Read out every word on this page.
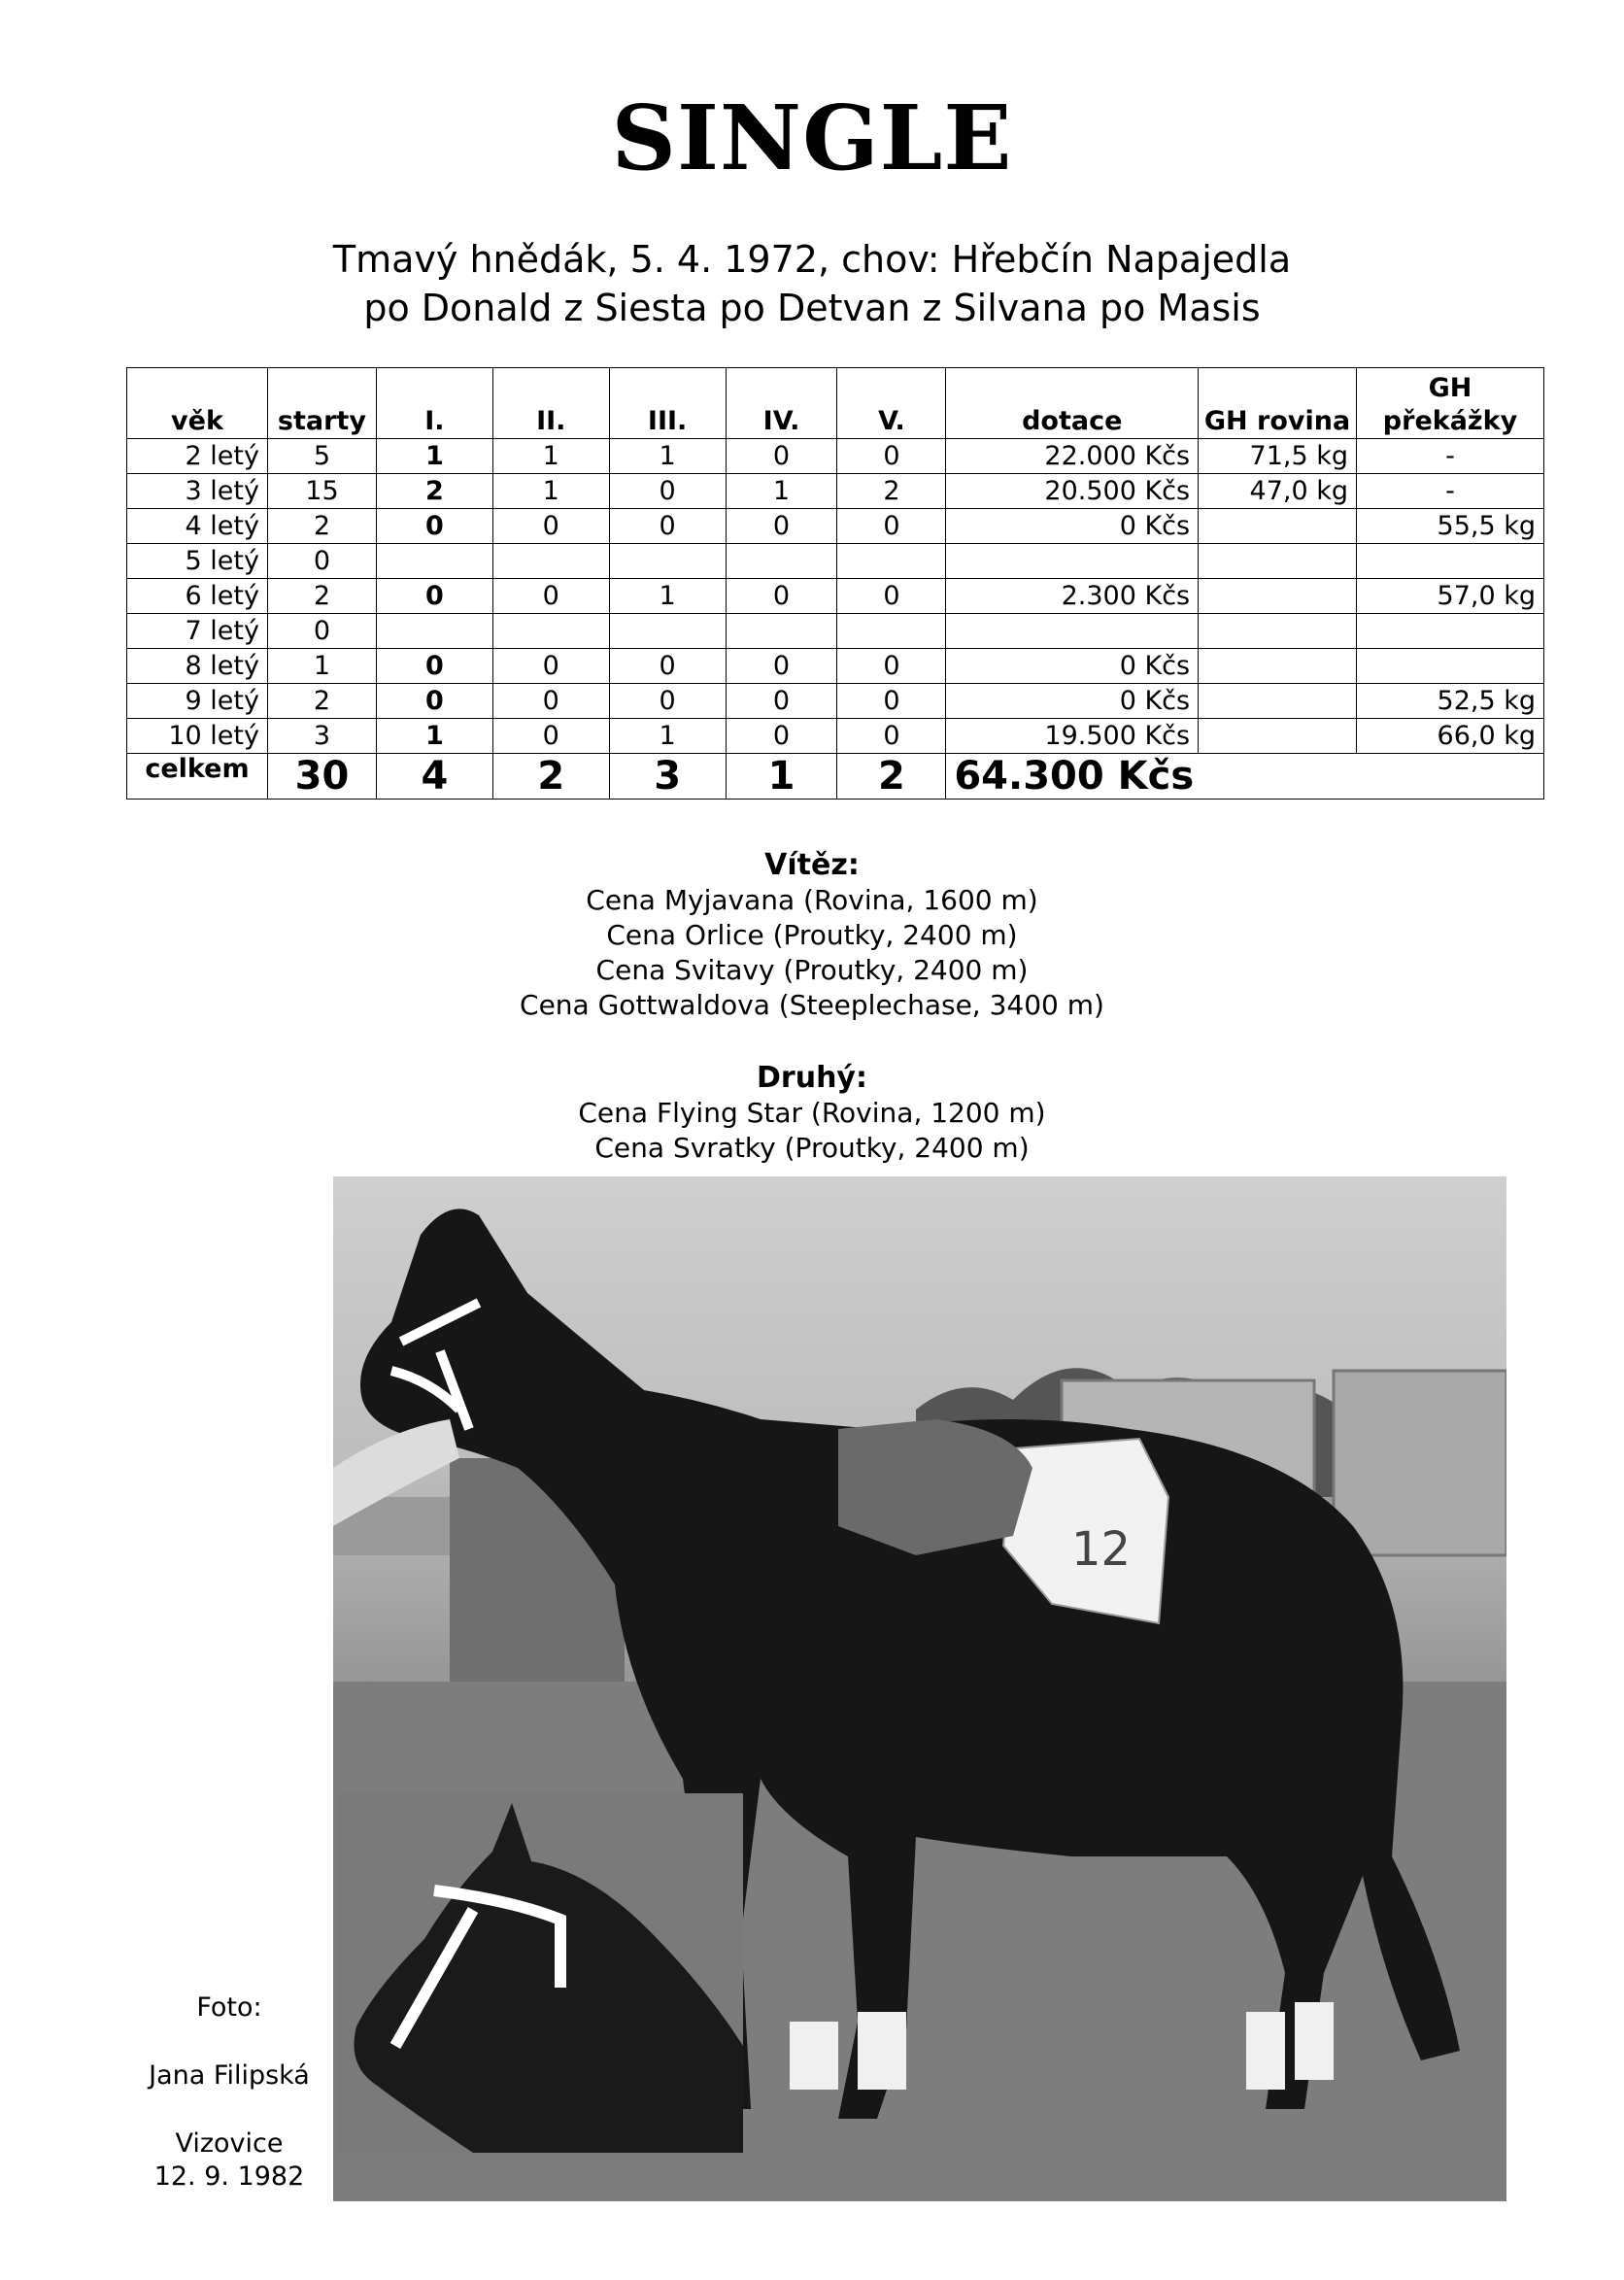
SINGLE
Tmavý hnědák, 5. 4. 1972, chov: Hřebčín Napajedla
po Donald z Siesta po Detvan z Silvana po Masis
věk	starty	I.	II.	III.	IV.	V.	dotace	GH rovina	GH překážky
2 letý	5	1	1	1	0	0	22.000 Kčs	71,5 kg	-
3 letý	15	2	1	0	1	2	20.500 Kčs	47,0 kg	-
4 letý	2	0	0	0	0	0	0 Kčs		55,5 kg
5 letý	0								
6 letý	2	0	0	1	0	0	2.300 Kčs		57,0 kg
7 letý	0								
8 letý	1	0	0	0	0	0	0 Kčs		
9 letý	2	0	0	0	0	0	0 Kčs		52,5 kg
10 letý	3	1	0	1	0	0	19.500 Kčs		66,0 kg
celkem	30	4	2	3	1	2	64.300 Kčs		
Vítěz:
Cena Myjavana (Rovina, 1600 m)
Cena Orlice (Proutky, 2400 m)
Cena Svitavy (Proutky, 2400 m)
Cena Gottwaldova (Steeplechase, 3400 m)
Druhý:
Cena Flying Star (Rovina, 1200 m)
Cena Svratky (Proutky, 2400 m)
12
Foto:
Jana Filipská
Vizovice
12. 9. 1982
